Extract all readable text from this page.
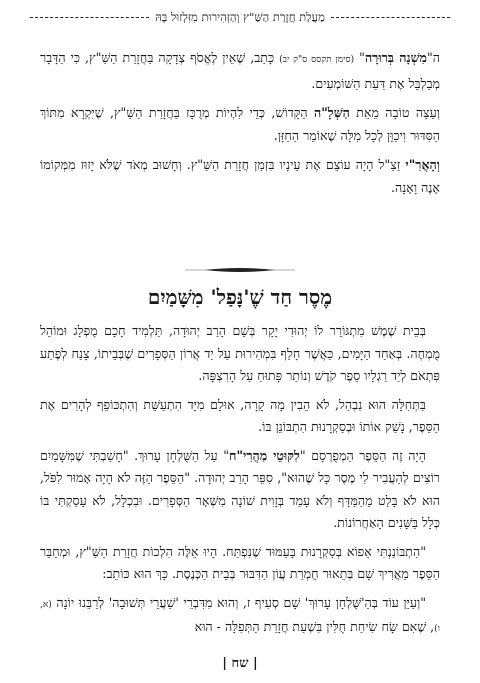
מַעֲלַת חֲזָרַת הַשַּׁ"ץ וְהַזְּהִירוּת מִזִּלְזוּל בָּהּ

ה"מִשְׁנָה בְּרוּרָה" (סימן תקסס ס"ק יב) כָּתַב, שֶׁאֵין לֶאֱסֹף צְדָקָה בַּחֲזָרַת הַשַּׁ"ץ, כִּי הַדָּבָר מְבַלְבֵּל אֶת דַּעַת הַשּׁוֹמְעִים.

וְעֵצָה טוֹבָה מֵאֵת הַשְּׁלָ"ה הַקָּדוֹשׁ, כְּדֵי לִהְיוֹת מְרֻכָּז בַּחֲזָרַת הַשַּׁ"ץ, שֶׁיִּקְרָא מִתּוֹךְ הַסִּדּוּר וִיכַוֵּן לְכָל מִלָּה שֶׁאוֹמֵר הַחַזָּן.

וְהָאֲרִ"י זַצַ"ל הָיָה עוֹצֵם אֶת עֵינָיו בִּזְמַן חֲזָרַת הַשַּׁ"ץ. וְחָשׁוּב מְאֹד שֶׁלֹּא יָזוּז מִמְּקוֹמוֹ אָנֶה וָאָנָה.

מֶסֶר חַד שֶׁ'נָּפַל' מִשָּׁמַיִם

בְּבֵית שֶׁמֶשׁ מִתְגּוֹרֵר לוֹ יְהוּדִי יָקָר בְּשֵׁם הָרַב יְהוּדָה, תַּלְמִיד חָכָם מֻפְלָג וּמוֹהֵל מֻמְחֶה. בְּאַחַד הַיָּמִים, כַּאֲשֶׁר חָלַף בִּמְהִירוּת עַל יַד אֲרוֹן הַסְּפָרִים שֶׁבְּבֵיתוֹ, צָנַח לְפֶתַע פִּתְאֹם לְיַד רַגְלָיו סֵפֶר קֹדֶשׁ וְנוֹתַר פָּתוּחַ עַל הָרִצְפָּה.

בַּתְּחִלָּה הוּא נִבְהַל, לֹא הֵבִין מָה קָרָה, אוּלָם מִיָּד הִתְעַשֵּׁת וְהִתְכּוֹפֵף לְהָרִים אֶת הַסֵּפֶר, נָשַׁק אוֹתוֹ וּבְסַקְרָנוּת הִתְבּוֹנֵן בּוֹ.

הָיָה זֶה הַסֵּפֶר הַמְפֻרְסָם "לִקּוּטֵי מַהֲרִי"ח" עַל הַשֻּׁלְחָן עָרוּךְ. "חָשַׁבְתִּי שֶׁמִּשָּׁמַיִם רוֹצִים לְהַעֲבִיר לִי מֶסֶר כָּל שֶׁהוּא", סִפֵּר הָרַב יְהוּדָה. "הַסֵּפֶר הַזֶּה לֹא הָיָה אָמוּר לִפֹּל, הוּא לֹא בָּלַט מֵהַמַּדָּף וְלֹא עָמַד בְּזָוִית שׁוֹנָה מִשְּׁאָר הַסְּפָרִים. וּבִכְלָל, לֹא עָסַקְתִּי בּוֹ כְּלָל בַּשָּׁנִים הָאַחֲרוֹנוֹת.

"הִתְבּוֹנַנְתִּי אֵפוֹא בְּסַקְרָנוּת בָּעַמּוּד שֶׁנִּפְתַּח. הָיוּ אֵלֶּה הִלְכוֹת חֲזָרַת הַשַּׁ"ץ, וּמְחַבֵּר הַסֵּפֶר מַאֲרִיךְ שָׁם בְּתֵאוּר חֻמְרַת עֲוֹן הַדִּבּוּר בְּבֵית הַכְּנֶסֶת. כָּךְ הוּא כּוֹתֵב:

"וְעַיֵּן עוֹד בְּהַ'שֻּׁלְחָן עָרוּךְ' שָׁם סְעִיף ז, וְהוּא מִדִּבְרֵי 'שַׁעֲרֵי תְּשׁוּבָה' לְרַבֵּנוּ יוֹנָה (א, ו), שֶׁאִם שָׂח שִׂיחַת חֻלִּין בִּשְׁעַת חֲזָרַת הַתְּפִלָּה - הוּא

| שח |
